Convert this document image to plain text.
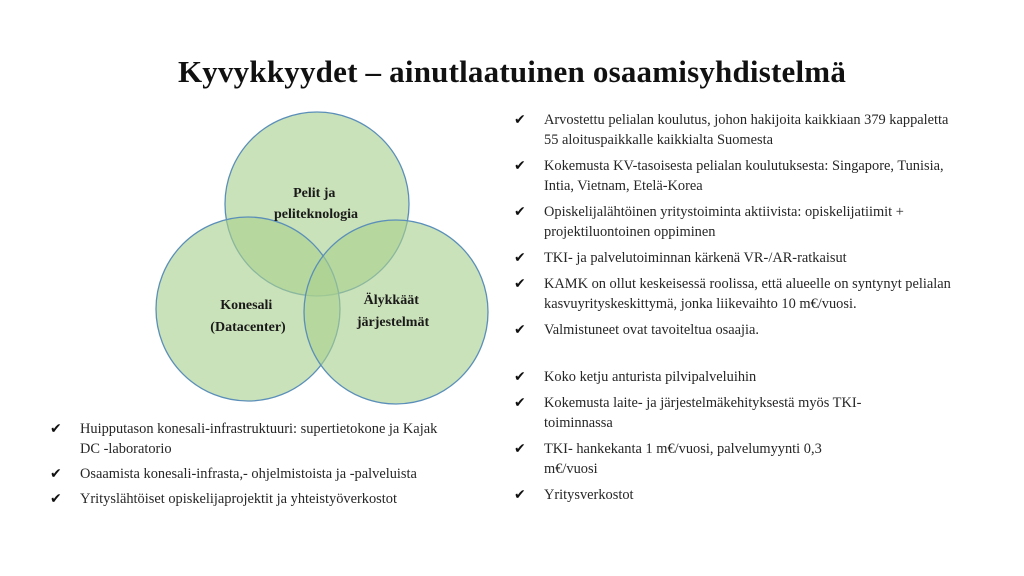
Kyvykkyydet – ainutlaatuinen osaamisyhdistelmä
Pelit ja peliteknologia
Konesali (Datacenter)
Älykkäät järjestelmät
✔ Huipputason konesali-infrastruktuuri: supertietokone ja Kajak DC -laboratorio
✔ Osaamista konesali-infrasta,- ohjelmistoista ja -palveluista
✔ Yrityslähtöiset opiskelijaprojektit ja yhteistyöverkostot
✔ Arvostettu pelialan koulutus, johon hakijoita kaikkiaan 379 kappaletta 55 aloituspaikkalle kaikkialta Suomesta
✔ Kokemusta KV-tasoisesta pelialan koulutuksesta: Singapore, Tunisia, Intia, Vietnam, Etelä-Korea
✔ Opiskelijalähtöinen yritystoiminta aktiivista: opiskelijatiimit + projektiluontoinen oppiminen
✔ TKI- ja palvelutoiminnan kärkenä VR-/AR-ratkaisut
✔ KAMK on ollut keskeisessä roolissa, että alueelle on syntynyt pelialan kasvuyrityskeskittymä, jonka liikevaihto 10 m€/vuosi.
✔ Valmistuneet ovat tavoiteltua osaajia.
✔ Koko ketju anturista pilvipalveluihin
✔ Kokemusta laite- ja järjestelmäkehityksestä myös TKI-toiminnassa
✔ TKI- hankekanta 1 m€/vuosi, palvelumyynti 0,3 m€/vuosi
✔ Yritysverkostot
